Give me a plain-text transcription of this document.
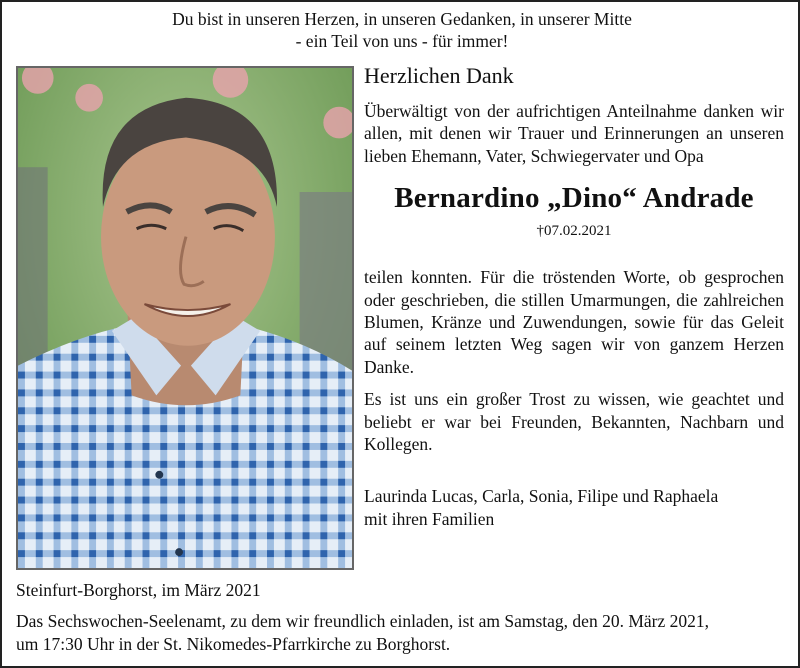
Du bist in unseren Herzen, in unseren Gedanken, in unserer Mitte
- ein Teil von uns - für immer!
Herzlichen Dank

Überwältigt von der aufrichtigen Anteilnahme danken wir allen, mit denen wir Trauer und Erinnerungen an unseren lieben Ehemann, Vater, Schwiegervater und Opa

Bernardino „Dino“ Andrade
†07.02.2021

teilen konnten. Für die tröstenden Worte, ob gesprochen oder geschrieben, die stillen Umarmungen, die zahlreichen Blumen, Kränze und Zuwendungen, sowie für das Geleit auf seinem letzten Weg sagen wir von ganzem Herzen Danke.

Es ist uns ein großer Trost zu wissen, wie geachtet und beliebt er war bei Freunden, Bekannten, Nachbarn und Kollegen.

Laurinda Lucas, Carla, Sonia, Filipe und Raphaela
mit ihren Familien
Steinfurt-Borghorst, im März 2021
Das Sechswochen-Seelenamt, zu dem wir freundlich einladen, ist am Samstag, den 20. März 2021,
um 17:30 Uhr in der St. Nikomedes-Pfarrkirche zu Borghorst.
